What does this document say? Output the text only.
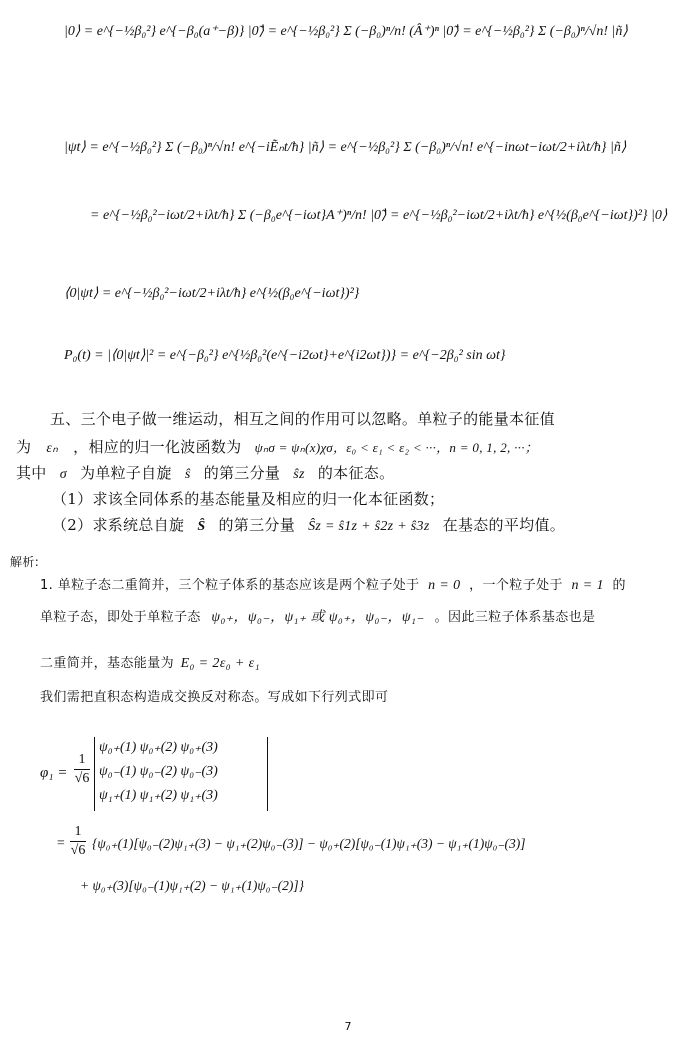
|0⟩ = e^{−½β₀²} e^{−β₀(a⁺−β)} |0̃⟩ = e^{−½β₀²} Σ (−β₀)ⁿ/n! (Â⁺)ⁿ |0̃⟩ = e^{−½β₀²} Σ (−β₀)ⁿ/√n! |ñ⟩
|ψt⟩ = e^{−½β₀²} Σ (−β₀)ⁿ/√n! e^{−iẼₙt/ħ} |ñ⟩ = e^{−½β₀²} Σ (−β₀)ⁿ/√n! e^{−inωt−iωt/2+iλt/ħ} |ñ⟩
= e^{−½β₀²−iωt/2+iλt/ħ} Σ (−β₀e^{−iωt}A⁺)ⁿ/n! |0̃⟩ = e^{−½β₀²−iωt/2+iλt/ħ} e^{½(β₀e^{−iωt})²} |0⟩
⟨0|ψt⟩ = e^{−½β₀²−iωt/2+iλt/ħ} e^{½(β₀e^{−iωt})²}
P₀(t) = |⟨0|ψt⟩|² = e^{−β₀²} e^{½β₀²(e^{−i2ωt}+e^{i2ωt})} = e^{−2β₀² sin ωt}
五、三个电子做一维运动，相互之间的作用可以忽略。单粒子的能量本征值
为 εₙ ，相应的归一化波函数为 ψₙσ = ψₙ(x)χσ，ε₀ < ε₁ < ε₂ < ···，n = 0, 1, 2, ···；
其中 σ 为单粒子自旋 ŝ 的第三分量 ŝz 的本征态。
（1）求该全同体系的基态能量及相应的归一化本征函数；
（2）求系统总自旋 Ŝ 的第三分量 Ŝz = ŝ1z + ŝ2z + ŝ3z 在基态的平均值。
解析:
1. 单粒子态二重简并，三个粒子体系的基态应该是两个粒子处于 n = 0 ，一个粒子处于 n = 1 的
单粒子态，即处于单粒子态 ψ₀₊，ψ₀₋，ψ₁₊ 或 ψ₀₊，ψ₀₋，ψ₁₋ 。因此三粒子体系基态也是
二重简并，基态能量为 E₀ = 2ε₀ + ε₁
我们需把直积态构造成交换反对称态。写成如下行列式即可
φ₁ =
1
√6
ψ₀₊(1) ψ₀₊(2) ψ₀₊(3)
ψ₀₋(1) ψ₀₋(2) ψ₀₋(3)
ψ₁₊(1) ψ₁₊(2) ψ₁₊(3)
=
1
√6 {ψ₀₊(1)[ψ₀₋(2)ψ₁₊(3) − ψ₁₊(2)ψ₀₋(3)] − ψ₀₊(2)[ψ₀₋(1)ψ₁₊(3) − ψ₁₊(1)ψ₀₋(3)]
+ ψ₀₊(3)[ψ₀₋(1)ψ₁₊(2) − ψ₁₊(1)ψ₀₋(2)]}
7
